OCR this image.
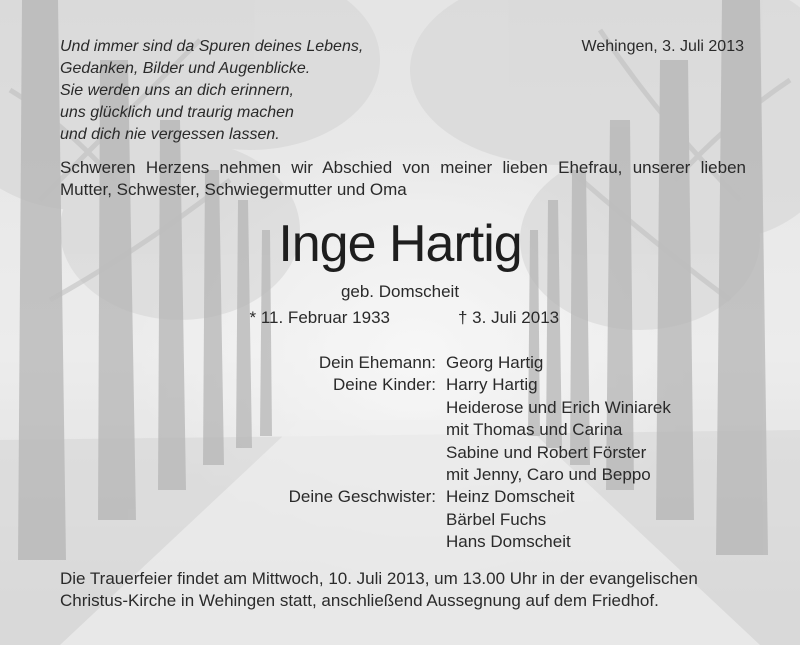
Und immer sind da Spuren deines Lebens,
Gedanken, Bilder und Augenblicke.
Sie werden uns an dich erinnern,
uns glücklich und traurig machen
und dich nie vergessen lassen.
Wehingen, 3. Juli 2013
Schweren Herzens nehmen wir Abschied von meiner lieben Ehefrau, unserer lieben Mutter, Schwester, Schwiegermutter und Oma
Inge Hartig
geb. Domscheit
* 11. Februar 1933	† 3. Juli 2013
Dein Ehemann: Georg Hartig
Deine Kinder: Harry Hartig
Heiderose und Erich Winiarek
mit Thomas und Carina
Sabine und Robert Förster
mit Jenny, Caro und Beppo
Deine Geschwister: Heinz Domscheit
Bärbel Fuchs
Hans Domscheit
Die Trauerfeier findet am Mittwoch, 10. Juli 2013, um 13.00 Uhr in der evangelischen Christus-Kirche in Wehingen statt, anschließend Aussegnung auf dem Friedhof.
